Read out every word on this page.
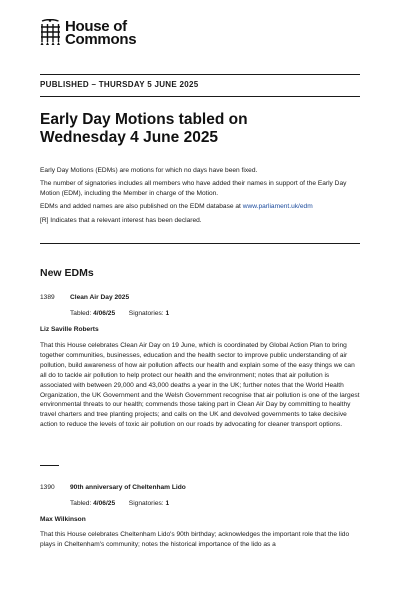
House of
Commons
PUBLISHED – THURSDAY 5 JUNE 2025
Early Day Motions tabled on
Wednesday 4 June 2025

Early Day Motions (EDMs) are motions for which no days have been fixed.

The number of signatories includes all members who have added their names in support of the Early Day Motion (EDM), including the Member in charge of the Motion.

EDMs and added names are also published on the EDM database at www.parliament.uk/edm

[R] Indicates that a relevant interest has been declared.

New EDMs
1389	Clean Air Day 2025
Tabled: 4/06/25 Signatories: 1
Liz Saville Roberts

That this House celebrates Clean Air Day on 19 June, which is coordinated by Global Action Plan to bring together communities, businesses, education and the health sector to improve public understanding of air pollution, build awareness of how air pollution affects our health and explain some of the easy things we can all do to tackle air pollution to help protect our health and the environment; notes that air pollution is associated with between 29,000 and 43,000 deaths a year in the UK; further notes that the World Health Organization, the UK Government and the Welsh Government recognise that air pollution is one of the largest environmental threats to our health; commends those taking part in Clean Air Day by committing to healthy travel charters and tree planting projects; and calls on the UK and devolved governments to take decisive action to reduce the levels of toxic air pollution on our roads by advocating for cleaner transport options.

1390	90th anniversary of Cheltenham Lido
Tabled: 4/06/25 Signatories: 1
Max Wilkinson

That this House celebrates Cheltenham Lido's 90th birthday; acknowledges the important role that the lido plays in Cheltenham's community; notes the historical importance of the lido as a
